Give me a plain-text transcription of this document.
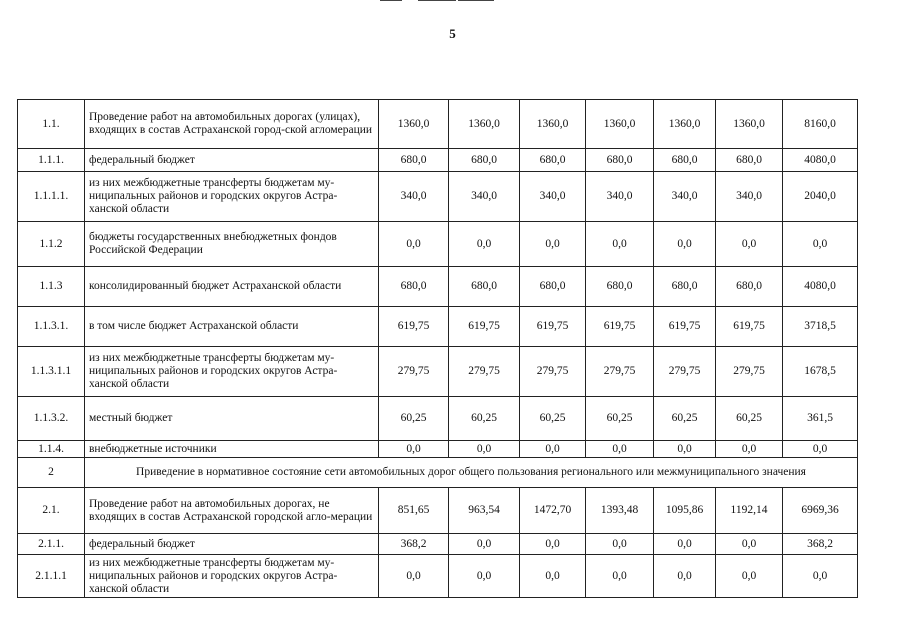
5
1.1.	Проведение работ на автомобильных дорогах (улицах), входящих в состав Астраханской город-ской агломерации	1360,0	1360,0	1360,0	1360,0	1360,0	1360,0	8160,0
1.1.1.	федеральный бюджет	680,0	680,0	680,0	680,0	680,0	680,0	4080,0
1.1.1.1.	из них межбюджетные трансферты бюджетам му-ниципальных районов и городских округов Астра-ханской области	340,0	340,0	340,0	340,0	340,0	340,0	2040,0
1.1.2	бюджеты государственных внебюджетных фондов Российской Федерации	0,0	0,0	0,0	0,0	0,0	0,0	0,0
1.1.3	консолидированный бюджет Астраханской области	680,0	680,0	680,0	680,0	680,0	680,0	4080,0
1.1.3.1.	в том числе бюджет Астраханской области	619,75	619,75	619,75	619,75	619,75	619,75	3718,5
1.1.3.1.1	из них межбюджетные трансферты бюджетам му-ниципальных районов и городских округов Астра-ханской области	279,75	279,75	279,75	279,75	279,75	279,75	1678,5
1.1.3.2.	местный бюджет	60,25	60,25	60,25	60,25	60,25	60,25	361,5
1.1.4.	внебюджетные источники	0,0	0,0	0,0	0,0	0,0	0,0	0,0
2	Приведение в нормативное состояние сети автомобильных дорог общего пользования регионального или межмуниципального значения							
2.1.	Проведение работ на автомобильных дорогах, не входящих в состав Астраханской городской агло-мерации	851,65	963,54	1472,70	1393,48	1095,86	1192,14	6969,36
2.1.1.	федеральный бюджет	368,2	0,0	0,0	0,0	0,0	0,0	368,2
2.1.1.1	из них межбюджетные трансферты бюджетам му-ниципальных районов и городских округов Астра-ханской области	0,0	0,0	0,0	0,0	0,0	0,0	0,0
